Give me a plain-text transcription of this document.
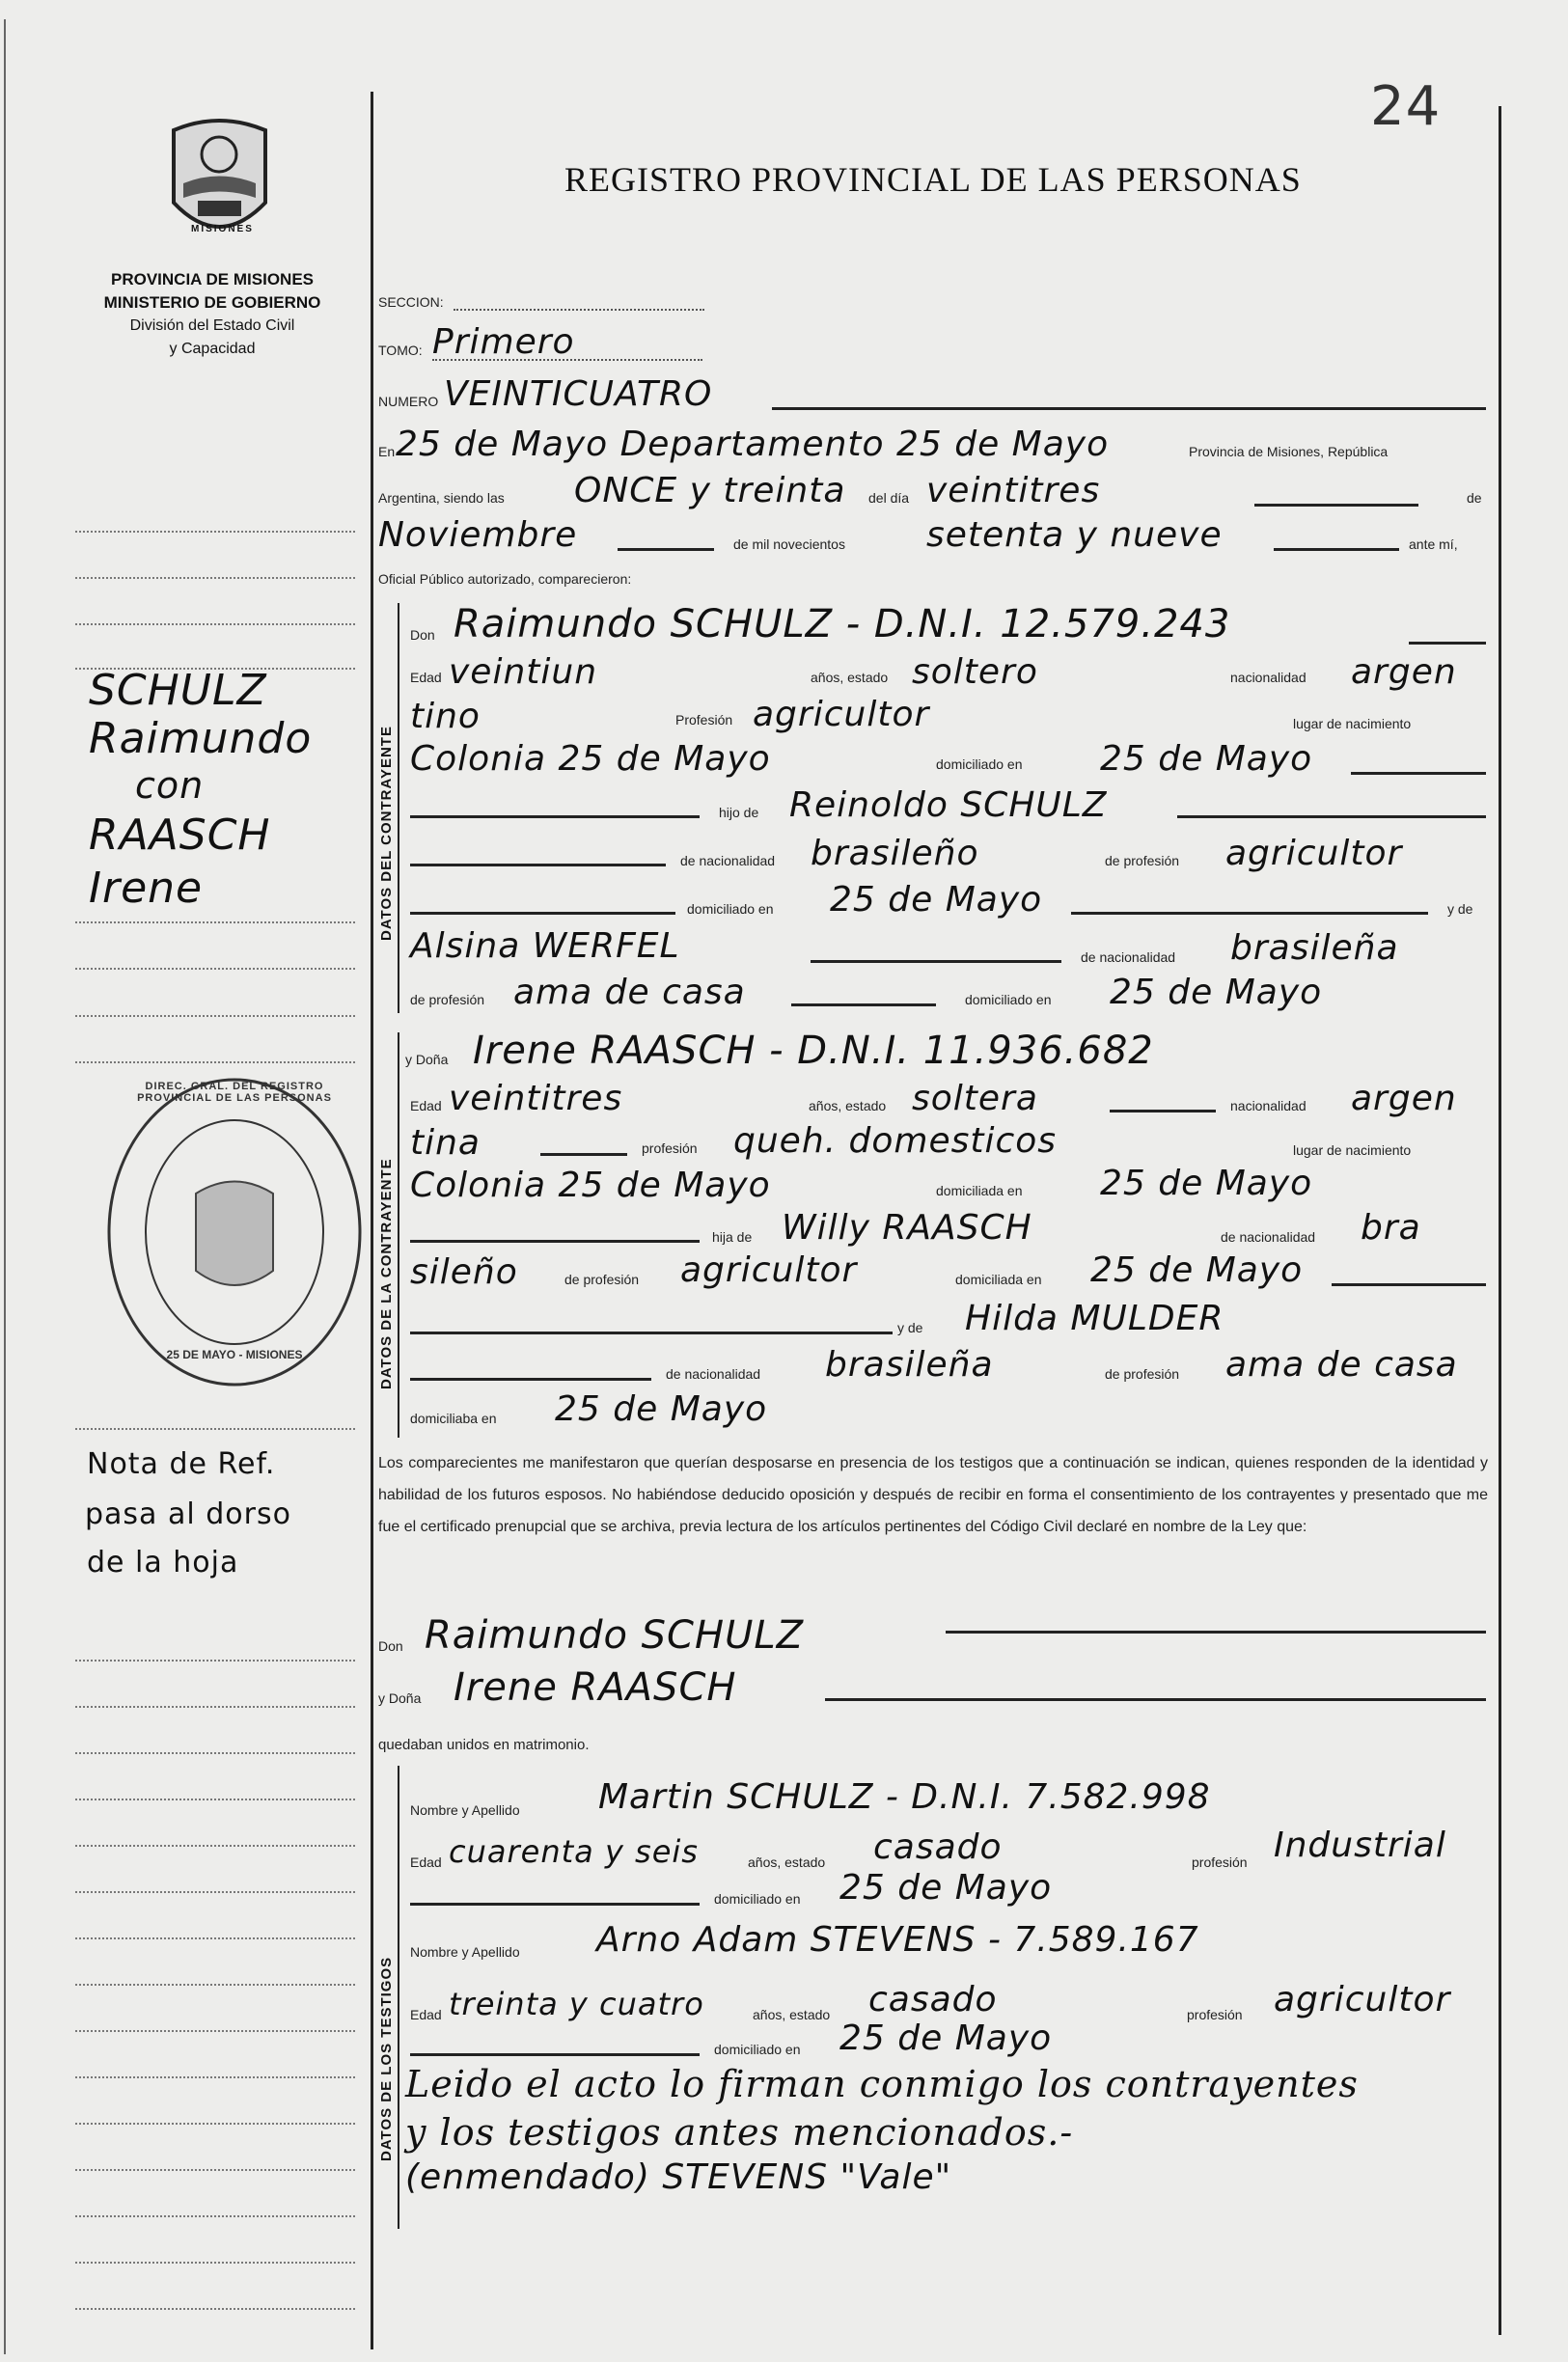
24
REGISTRO PROVINCIAL DE LAS PERSONAS
MISIONES
PROVINCIA DE MISIONES
MINISTERIO DE GOBIERNO
División del Estado Civil
y Capacidad
SCHULZ
Raimundo
con
RAASCH
Irene
DIREC. GRAL. DEL REGISTRO PROVINCIAL DE LAS PERSONAS
25 DE MAYO - MISIONES
Nota de Ref.
pasa al dorso
de la hoja
SECCION:
TOMO: Primero
NUMERO VEINTICUATRO
En 25 de Mayo Departamento 25 de Mayo	Provincia de Misiones, República
Argentina, siendo las ONCE y treinta del día veintitres	de
Noviembre	de mil novecientos setenta y nueve	ante mí,
Oficial Público autorizado, comparecieron:
DATOS DEL CONTRAYENTE
Don Raimundo SCHULZ - D.N.I. 12.579.243
Edad veintiun	años, estado soltero	nacionalidad argen
tino	Profesión agricultor	lugar de nacimiento
Colonia 25 de Mayo	domiciliado en 25 de Mayo
hijo de Reinoldo SCHULZ
de nacionalidad brasileño	de profesión agricultor
domiciliado en 25 de Mayo	y de
Alsina WERFEL	de nacionalidad brasileña
de profesión ama de casa	domiciliado en 25 de Mayo
DATOS DE LA CONTRAYENTE
y Doña Irene RAASCH - D.N.I. 11.936.682
Edad veintitres	años, estado soltera	nacionalidad argen
tina	profesión queh. domesticos	lugar de nacimiento
Colonia 25 de Mayo	domiciliada en 25 de Mayo
hija de Willy RAASCH	de nacionalidad bra
sileño	de profesión agricultor	domiciliada en 25 de Mayo
y de Hilda MULDER
de nacionalidad brasileña	de profesión ama de casa
domiciliaba en 25 de Mayo
Los comparecientes me manifestaron que querían desposarse en presencia de los testigos que a continuación se indican, quienes responden de la identidad y habilidad de los futuros esposos. No habiéndose deducido oposición y después de recibir en forma el consentimiento de los contrayentes y presentado que me fue el certificado prenupcial que se archiva, previa lectura de los artículos pertinentes del Código Civil declaré en nombre de la Ley que:
Don Raimundo SCHULZ
y Doña Irene RAASCH
quedaban unidos en matrimonio.
DATOS DE LOS TESTIGOS
Nombre y Apellido Martin SCHULZ - D.N.I. 7.582.998
Edad cuarenta y seis	años, estado casado	profesión Industrial
domiciliado en 25 de Mayo
Nombre y Apellido Arno Adam STEVENS - 7.589.167
Edad treinta y cuatro	años, estado casado	profesión agricultor
domiciliado en 25 de Mayo
Leido el acto lo firman conmigo los contrayentes
y los testigos antes mencionados.-
(enmendado) STEVENS "Vale"
